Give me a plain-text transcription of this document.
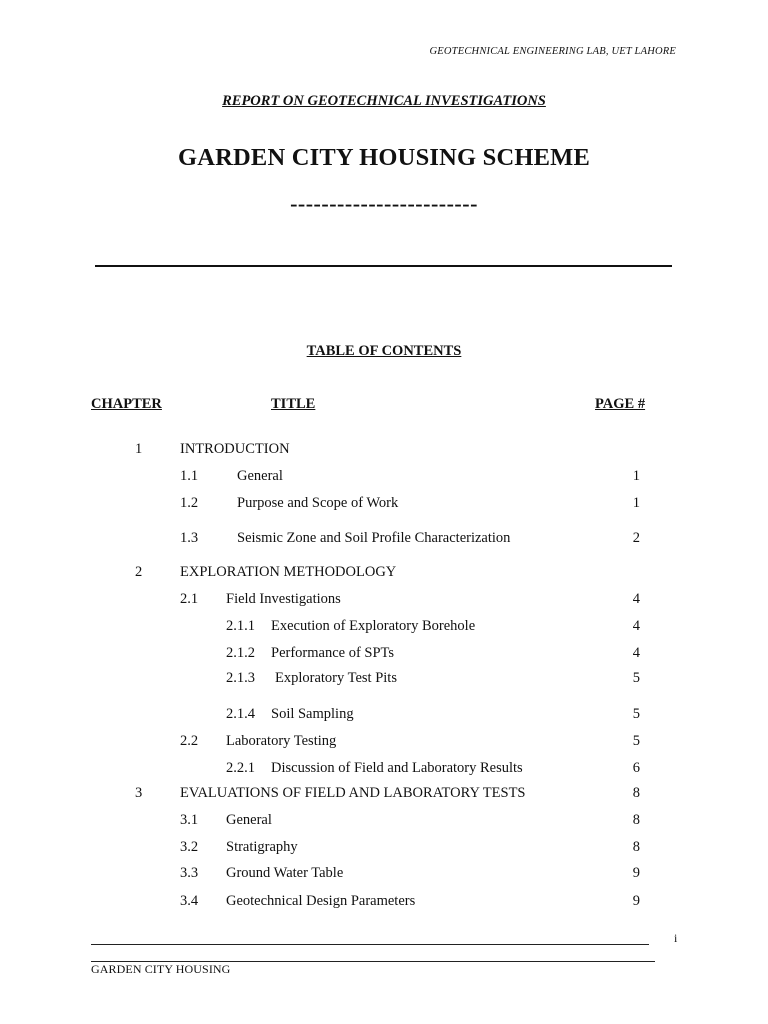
GEOTECHNICAL ENGINEERING LAB, UET LAHORE
REPORT ON GEOTECHNICAL INVESTIGATIONS
GARDEN CITY HOUSING SCHEME
------------------------
TABLE OF CONTENTS
CHAPTER	TITLE	PAGE #
1	INTRODUCTION
1.1	General	1
1.2	Purpose and Scope of Work	1
1.3	Seismic Zone and Soil Profile Characterization	2
2	EXPLORATION METHODOLOGY
2.1 Field Investigations	4
2.1.1 Execution of Exploratory Borehole	4
2.1.2 Performance of SPTs	4
2.1.3 Exploratory Test Pits	5
2.1.4 Soil Sampling	5
2.2 Laboratory Testing	5
2.2.1 Discussion of Field and Laboratory Results	6
3	EVALUATIONS OF FIELD AND LABORATORY TESTS	8
3.1 General	8
3.2 Stratigraphy	8
3.3 Ground Water Table	9
3.4 Geotechnical Design Parameters	9
i
GARDEN CITY HOUSING
